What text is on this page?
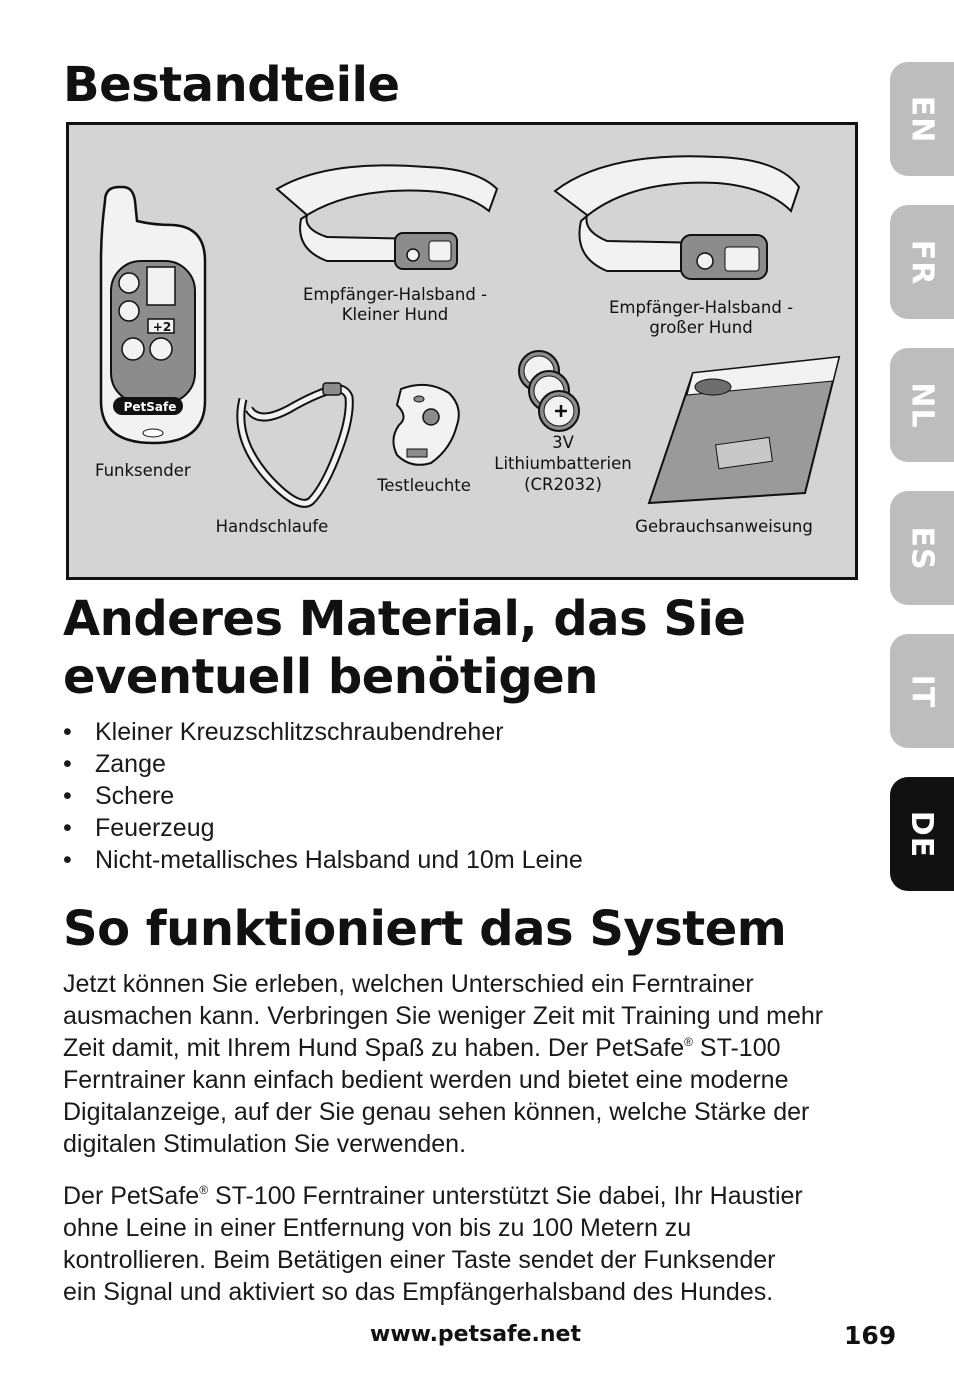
Bestandteile
PetSafe
+2
Funksender
Empfänger-Halsband -
Kleiner Hund	Empfänger-Halsband -
großer Hund
Handschlaufe
Testleuchte
3V
Lithiumbatterien
(CR2032)
Gebrauchsanweisung
Anderes Material, das Sie
eventuell benötigen
• Kleiner Kreuzschlitzschraubendreher
• Zange
• Schere
• Feuerzeug
• Nicht-metallisches Halsband und 10m Leine
So funktioniert das System

Jetzt können Sie erleben, welchen Unterschied ein Ferntrainer
ausmachen kann. Verbringen Sie weniger Zeit mit Training und mehr
Zeit damit, mit Ihrem Hund Spaß zu haben. Der PetSafe® ST-100
Ferntrainer kann einfach bedient werden und bietet eine moderne
Digitalanzeige, auf der Sie genau sehen können, welche Stärke der
digitalen Stimulation Sie verwenden.

Der PetSafe® ST-100 Ferntrainer unterstützt Sie dabei, Ihr Haustier
ohne Leine in einer Entfernung von bis zu 100 Metern zu
kontrollieren. Beim Betätigen einer Taste sendet der Funksender
ein Signal und aktiviert so das Empfängerhalsband des Hundes.

EN
FR
NL
ES
IT
DE
www.petsafe.net	169
